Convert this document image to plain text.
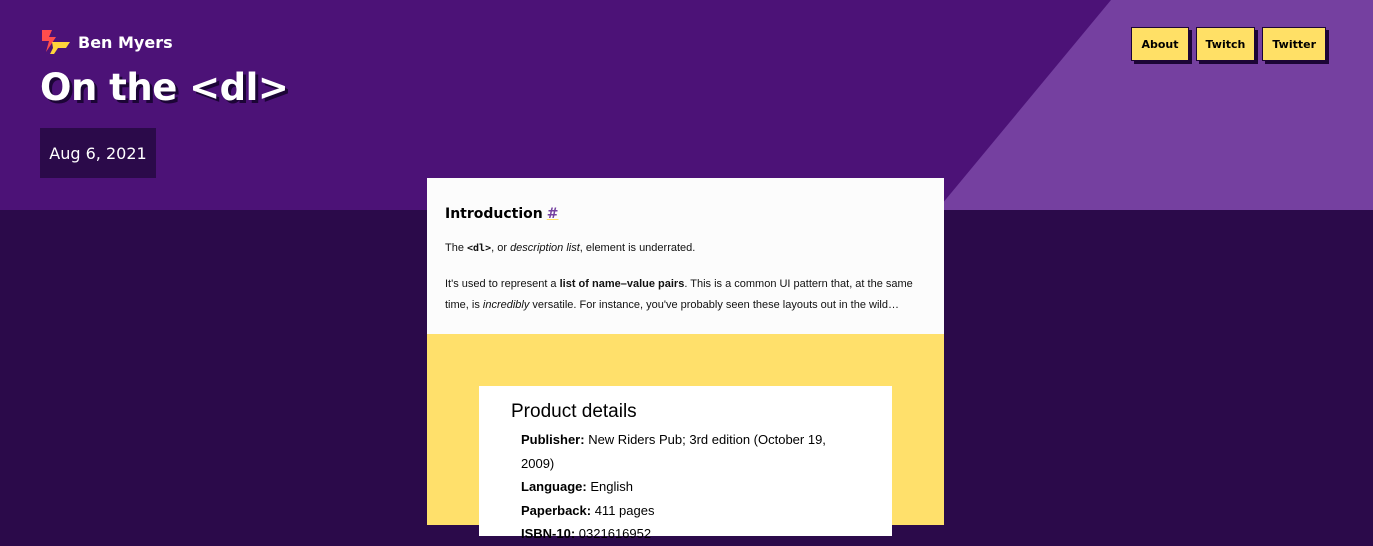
Ben Myers
On the <dl>
Aug 6, 2021
About	Twitch	Twitter
Introduction #

The <dl>, or description list, element is underrated.

It's used to represent a list of name–value pairs. This is a common UI pattern that, at the same time, is incredibly versatile. For instance, you've probably seen these layouts out in the wild…

Product details
Publisher: New Riders Pub; 3rd edition (October 19, 2009)
Language: English
Paperback: 411 pages
ISBN-10: 0321616952
